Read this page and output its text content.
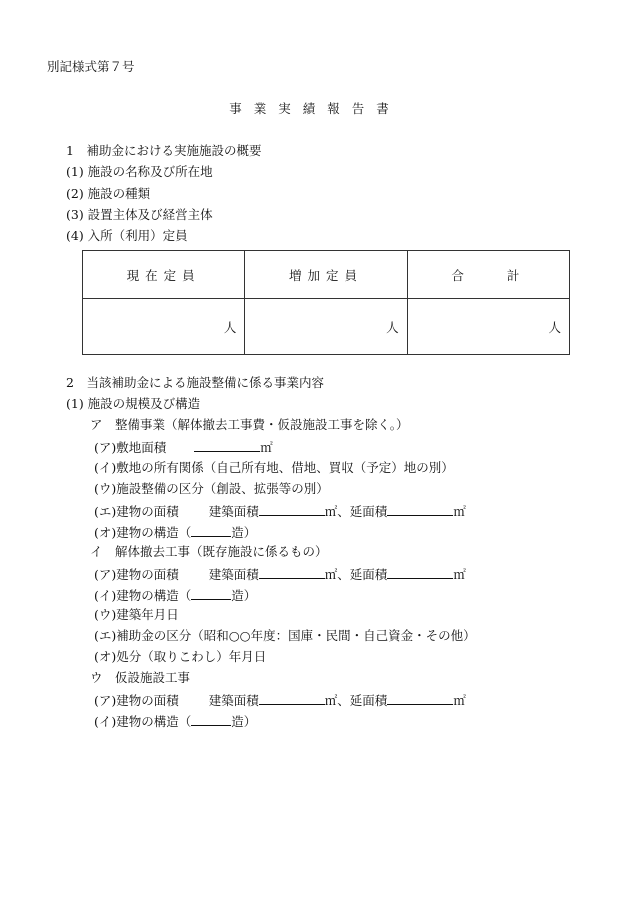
別記様式第７号
事業実績報告書
1　補助金における実施施設の概要
(1) 施設の名称及び所在地
(2) 施設の種類
(3) 設置主体及び経営主体
(4) 入所（利用）定員
現在定員	増加定員	合　　計
人	人	人
2　当該補助金による施設整備に係る事業内容
(1) 施設の規模及び構造
ア　整備事業（解体撤去工事費・仮設施設工事を除く。）
(ア)敷地面積	㎡
(イ)敷地の所有関係（自己所有地、借地、買収（予定）地の別）
(ウ)施設整備の区分（創設、拡張等の別）
(エ)建物の面積 建築面積	㎡、延面積	㎡
(オ)建物の構造（	造）
イ　解体撤去工事（既存施設に係るもの）
(ア)建物の面積 建築面積	㎡、延面積	㎡
(イ)建物の構造（	造）
(ウ)建築年月日
(エ)補助金の区分（昭和○○年度：国庫・民間・自己資金・その他）
(オ)処分（取りこわし）年月日
ウ　仮設施設工事
(ア)建物の面積 建築面積	㎡、延面積	㎡
(イ)建物の構造（	造）
